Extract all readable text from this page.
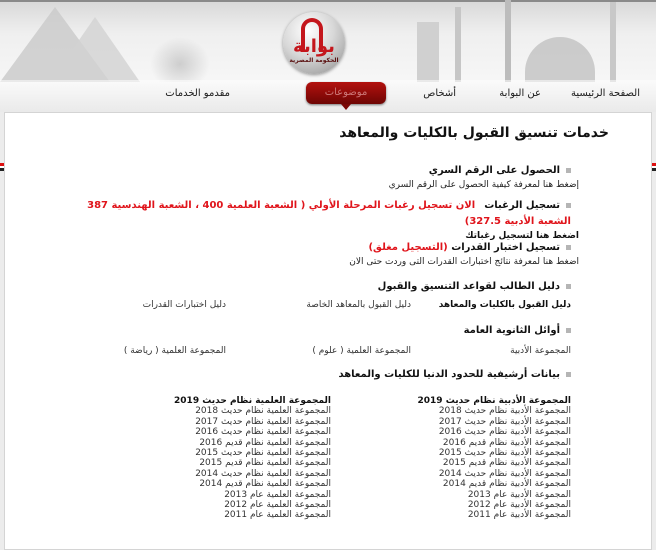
بوابة
الحكومة المصرية
الصفحة الرئيسية
عن البوابة
أشخاص
موضوعات
مقدمو الخدمات
خدمات تنسيق القبول بالكليات والمعاهد
الحصول على الرقم السري
إضغط هنا لمعرفة كيفية الحصول على الرقم السري
تسجيل الرغبات الان تسجيل رغبات المرحلة الأولي ( الشعبة العلمية 400 ، الشعبة الهندسية 387 الشعبة الأدبية 327.5)
اضغط هنا لتسجيل رغباتك
تسجيل اختبار القدرات (التسجيل مغلق)
اضغط هنا لمعرفة نتائج اختبارات القدرات التى وردت حتى الان
دليل الطالب لقواعد التنسيق والقبول
دليل القبول بالكليات والمعاهد
دليل القبول بالمعاهد الخاصة
دليل اختبارات القدرات
أوائل الثانوية العامة
المجموعة الأدبية
المجموعة العلمية ( علوم )
المجموعة العلمية ( رياضة )
بيانات أرشيفية للحدود الدنيا للكليات والمعاهد
المجموعة الأدبية نظام حديث 2019
المجموعة الأدبية نظام حديث 2018
المجموعة الأدبية نظام حديث 2017
المجموعة الأدبية نظام حديث 2016
المجموعة الأدبية نظام قديم 2016
المجموعة الأدبية نظام حديث 2015
المجموعة الأدبية نظام قديم 2015
المجموعة الأدبية نظام حديث 2014
المجموعة الأدبية نظام قديم 2014
المجموعة الأدبية عام 2013
المجموعة الأدبية عام 2012
المجموعة الأدبية عام 2011
المجموعة العلمية نظام حديث 2019
المجموعة العلمية نظام حديث 2018
المجموعة العلمية نظام حديث 2017
المجموعة العلمية نظام حديث 2016
المجموعة العلمية نظام قديم 2016
المجموعة العلمية نظام حديث 2015
المجموعة العلمية نظام قديم 2015
المجموعة العلمية نظام حديث 2014
المجموعة العلمية نظام قديم 2014
المجموعة العلمية عام 2013
المجموعة العلمية عام 2012
المجموعة العلمية عام 2011
